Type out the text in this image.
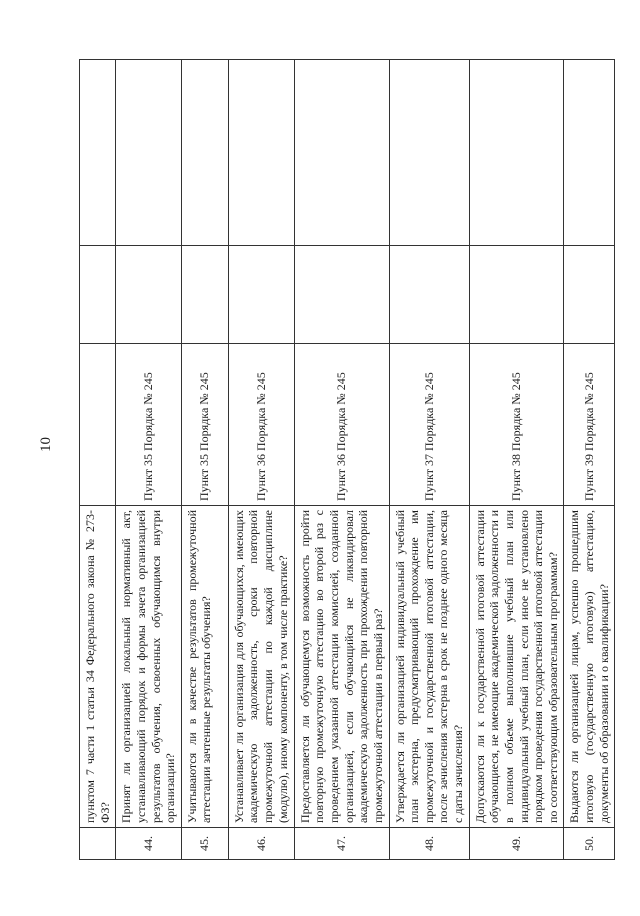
10
	пунктом 7 части 1 статьи 34 Федерального закона № 273-ФЗ?			
44.	Принят ли организацией локальный нормативный акт, устанавливающий порядок и формы зачета организацией результатов обучения, освоенных обучающимся внутри организации?	Пункт 35 Порядка № 245		
45.	Учитываются ли в качестве результатов промежуточной аттестации зачтенные результаты обучения?	Пункт 35 Порядка № 245		
46.	Устанавливает ли организация для обучающихся, имеющих академическую задолженность, сроки повторной промежуточной аттестации по каждой дисциплине (модулю), иному компоненту, в том числе практике?	Пункт 36 Порядка № 245		
47.	Предоставляется ли обучающемуся возможность пройти повторную промежуточную аттестацию во второй раз с проведением указанной аттестации комиссией, созданной организацией, если обучающийся не ликвидировал академическую задолженность при прохождении повторной промежуточной аттестации в первый раз?	Пункт 36 Порядка № 245		
48.	Утверждается ли организацией индивидуальный учебный план экстерна, предусматривающий прохождение им промежуточной и государственной итоговой аттестации, после зачисления экстерна в срок не позднее одного месяца с даты зачисления?	Пункт 37 Порядка № 245		
49.	Допускаются ли к государственной итоговой аттестации обучающиеся, не имеющие академической задолженности и в полном объеме выполнившие учебный план или индивидуальный учебный план, если иное не установлено порядком проведения государственной итоговой аттестации по соответствующим образовательным программам?	Пункт 38 Порядка № 245		
50.	Выдаются ли организацией лицам, успешно прошедшим итоговую (государственную итоговую) аттестацию, документы об образовании и о квалификации?	Пункт 39 Порядка № 245		
